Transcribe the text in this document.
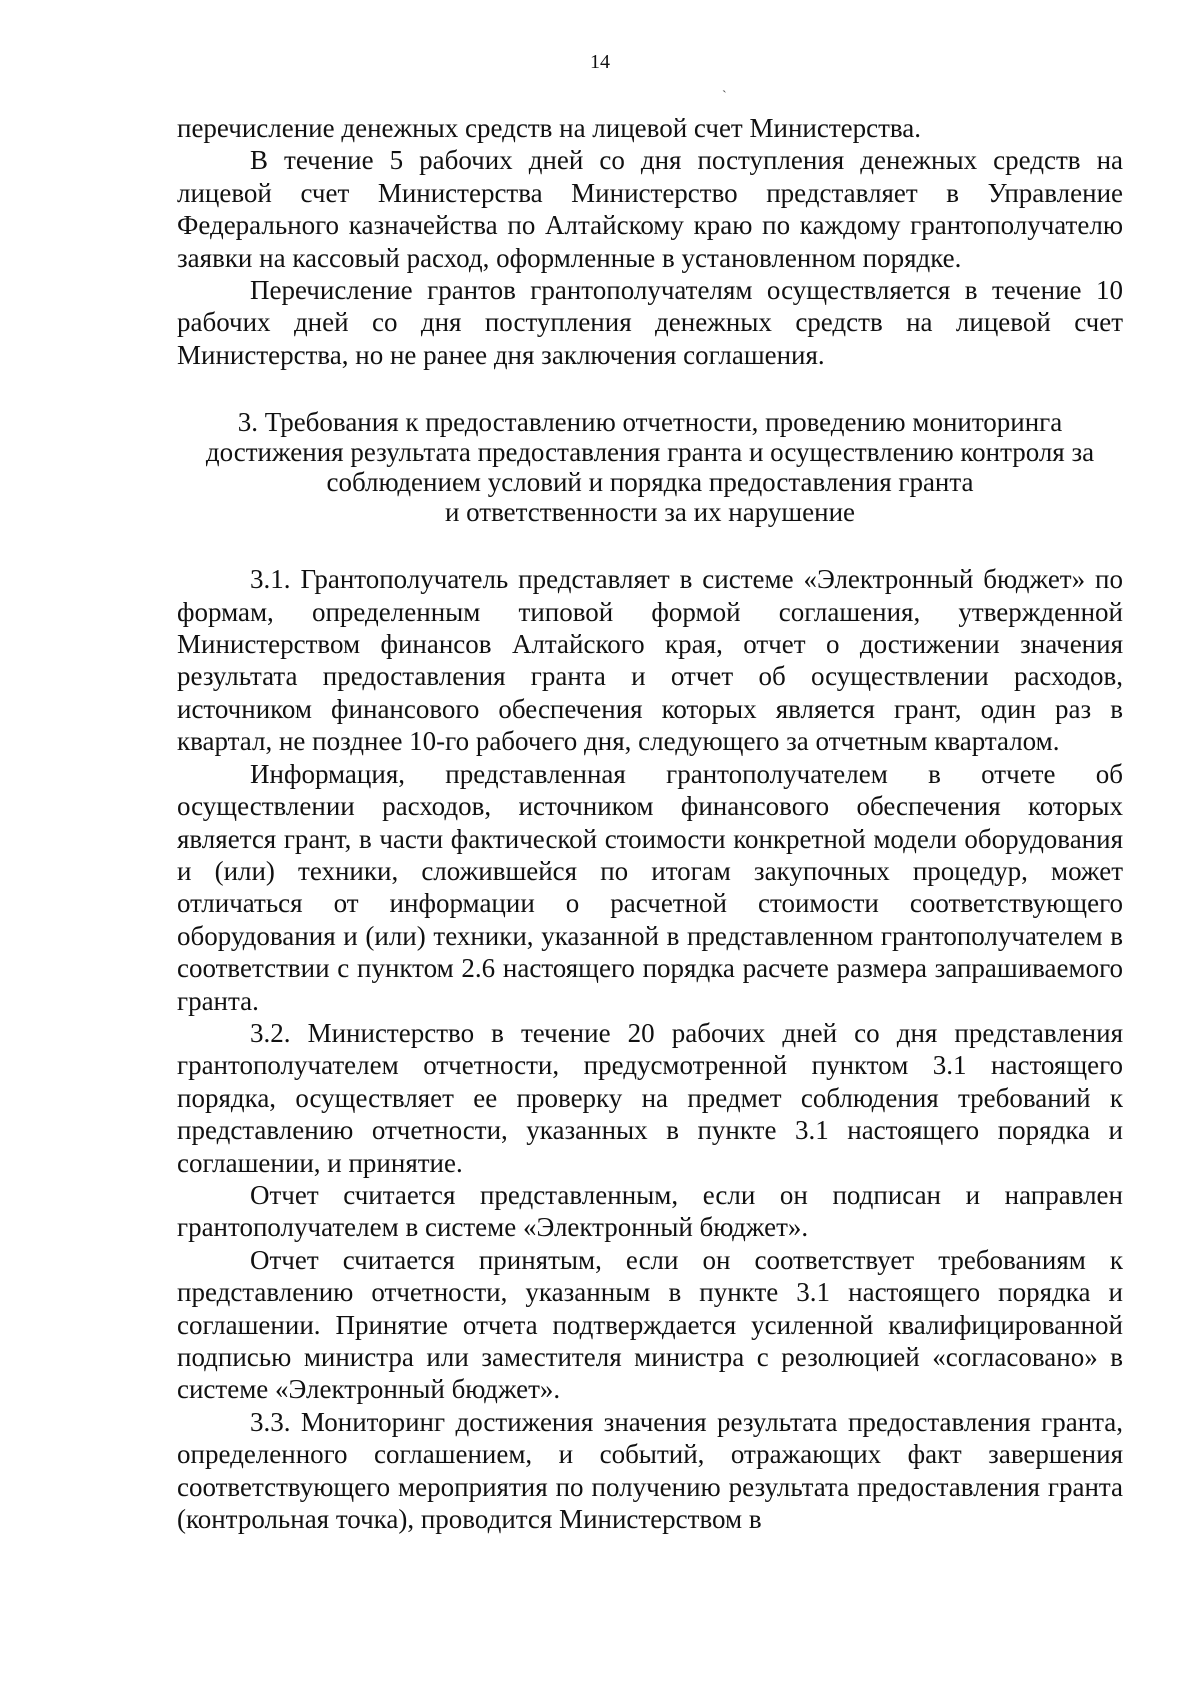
14
`

перечисление денежных средств на лицевой счет Министерства.

В течение 5 рабочих дней со дня поступления денежных средств на лицевой счет Министерства Министерство представляет в Управление Федерального казначейства по Алтайскому краю по каждому грантополучателю заявки на кассовый расход, оформленные в установленном порядке.

Перечисление грантов грантополучателям осуществляется в течение 10 рабочих дней со дня поступления денежных средств на лицевой счет Министерства, но не ранее дня заключения соглашения.

3. Требования к предоставлению отчетности, проведению мониторинга
достижения результата предоставления гранта и осуществлению контроля за
соблюдением условий и порядка предоставления гранта
и ответственности за их нарушение

3.1. Грантополучатель представляет в системе «Электронный бюджет» по формам, определенным типовой формой соглашения, утвержденной Министерством финансов Алтайского края, отчет о достижении значения результата предоставления гранта и отчет об осуществлении расходов, источником финансового обеспечения которых является грант, один раз в квартал, не позднее 10-го рабочего дня, следующего за отчетным кварталом.

Информация, представленная грантополучателем в отчете об осуществлении расходов, источником финансового обеспечения которых является грант, в части фактической стоимости конкретной модели оборудования и (или) техники, сложившейся по итогам закупочных процедур, может отличаться от информации о расчетной стоимости соответствующего оборудования и (или) техники, указанной в представленном грантополучателем в соответствии с пунктом 2.6 настоящего порядка расчете размера запрашиваемого гранта.

3.2. Министерство в течение 20 рабочих дней со дня представления грантополучателем отчетности, предусмотренной пунктом 3.1 настоящего порядка, осуществляет ее проверку на предмет соблюдения требований к представлению отчетности, указанных в пункте 3.1 настоящего порядка и соглашении, и принятие.

Отчет считается представленным, если он подписан и направлен грантополучателем в системе «Электронный бюджет».

Отчет считается принятым, если он соответствует требованиям к представлению отчетности, указанным в пункте 3.1 настоящего порядка и соглашении. Принятие отчета подтверждается усиленной квалифицированной подписью министра или заместителя министра с резолюцией «согласовано» в системе «Электронный бюджет».

3.3. Мониторинг достижения значения результата предоставления гранта, определенного соглашением, и событий, отражающих факт завершения соответствующего мероприятия по получению результата предоставления гранта (контрольная точка), проводится Министерством в
